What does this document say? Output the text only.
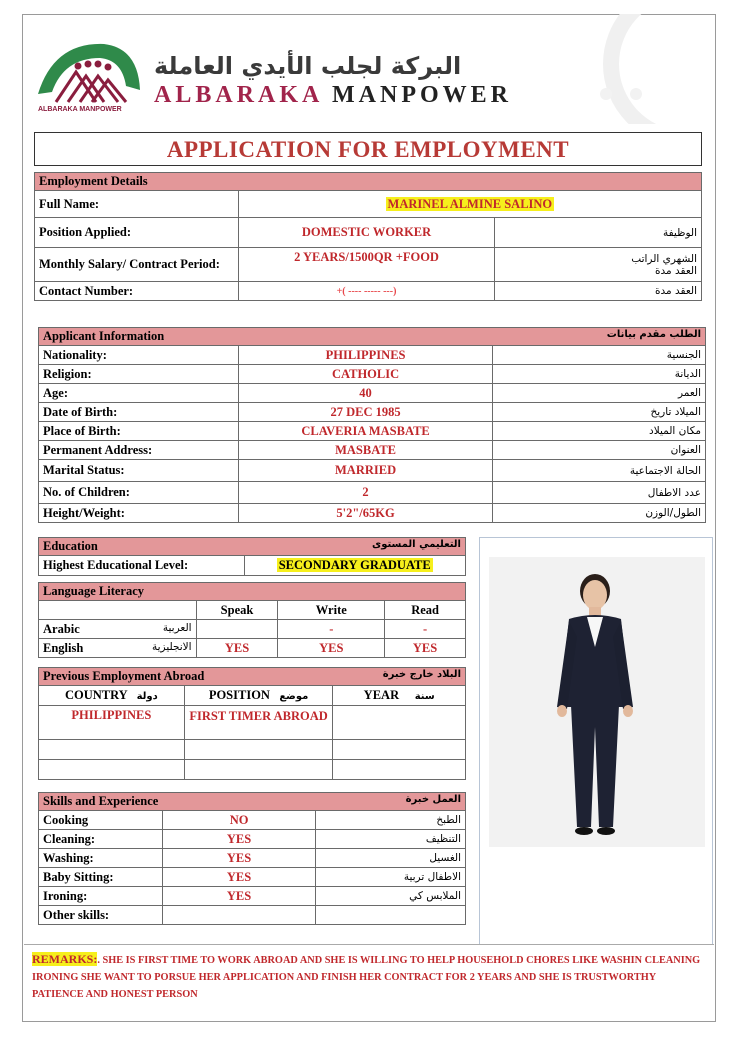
ALBARAKA MANPOWER
البركة لجلب الأيدي العاملة
ALBARAKA MANPOWER
APPLICATION FOR EMPLOYMENT
Employment Details		
Full Name:	MARINEL ALMINE SALINO	
Position Applied:	DOMESTIC WORKER	الوظيفة
Monthly Salary/ Contract Period:	2 YEARS/1500QR +FOOD	الشهري الراتب
العقد مدة

Contact Number:	+( ---- ----- ---)	العقد مدة
Applicant Information الطلب مقدم بيانات		

Nationality:	PHILIPPINES	الجنسية
Religion:	CATHOLIC	الديانة
Age:	40	العمر
Date of Birth:	27 DEC 1985	الميلاد تاريخ
Place of Birth:	CLAVERIA MASBATE	مكان الميلاد
Permanent Address:	MASBATE	العنوان
Marital Status:	MARRIED	الحالة الاجتماعية
No. of Children:	2	عدد الاطفال
Height/Weight:	5'2"/65KG	الطول/الوزن
Education	التعليمي المستوى

Highest Educational Level:	SECONDARY GRADUATE
Language Literacy			
	Speak	Write	Read
Arabic العربية		-	-
English الانجليزية	YES	YES	YES
Previous Employment Abroad البلاد خارج خبرة		

COUNTRY دولة	POSITION موضع	YEAR سنة
PHILIPPINES	FIRST TIMER ABROAD	

Skills and Experience العمل خبرة		

Cooking	NO	الطبخ
Cleaning:	YES	التنظيف
Washing:	YES	الغسيل
Baby Sitting:	YES	الاطفال تربية
Ironing:	YES	الملابس كي
Other skills:		
REMARKS:. SHE IS FIRST TIME TO WORK ABROAD AND SHE IS WILLING TO HELP HOUSEHOLD CHORES LIKE WASHIN CLEANING IRONING SHE WANT TO PORSUE HER APPLICATION AND FINISH HER CONTRACT FOR 2 YEARS AND SHE IS TRUSTWORTHY PATIENCE AND HONEST PERSON
